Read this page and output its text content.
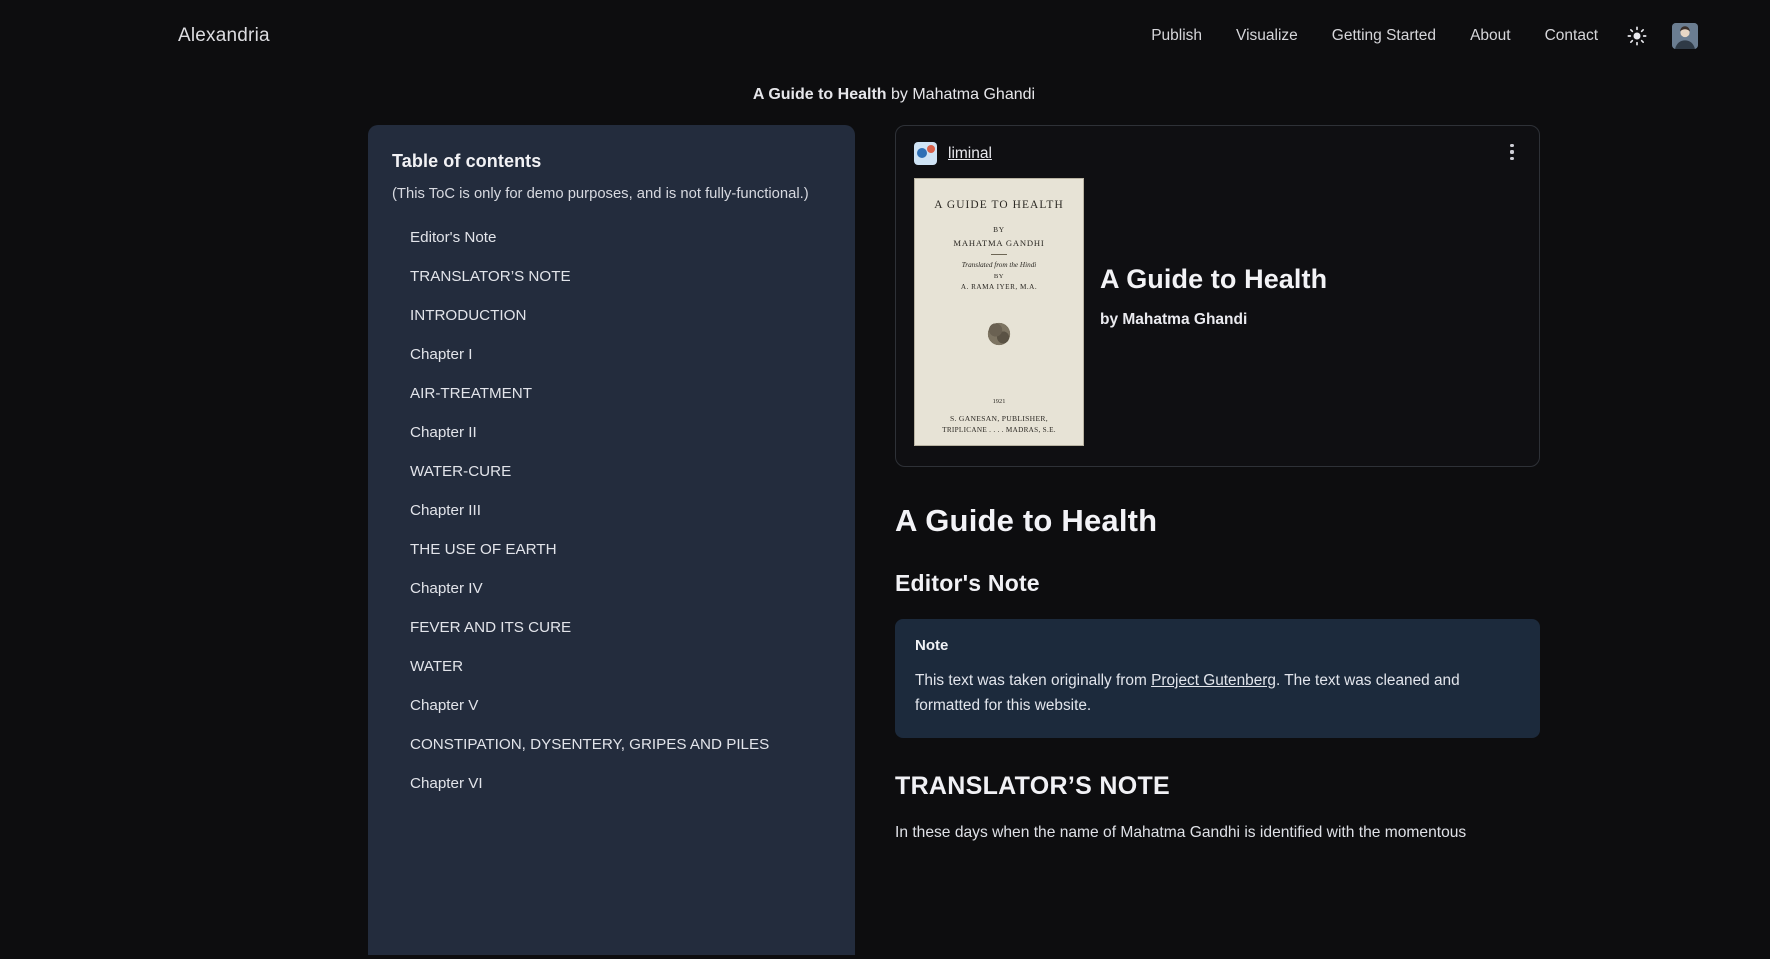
Alexandria	Publish Visualize Getting Started About Contact
A Guide to Health by Mahatma Ghandi
Table of contents
(This ToC is only for demo purposes, and is not fully-functional.)
Editor's Note
TRANSLATOR’S NOTE
INTRODUCTION
Chapter I
AIR-TREATMENT
Chapter II
WATER-CURE
Chapter III
THE USE OF EARTH
Chapter IV
FEVER AND ITS CURE
WATER
Chapter V
CONSTIPATION, DYSENTERY, GRIPES AND PILES
Chapter VI
liminal
A GUIDE TO HEALTH
BY
MAHATMA GANDHI
Translated from the Hindi
BY
A. RAMA IYER, M.A.
1921
S. GANESAN, PUBLISHER,
TRIPLICANE . . . . MADRAS, S.E.
A Guide to Health
by Mahatma Ghandi
A Guide to Health
Editor's Note
Note

This text was taken originally from Project Gutenberg. The text was cleaned and formatted for this website.

TRANSLATOR’S NOTE

In these days when the name of Mahatma Gandhi is identified with the momentous
